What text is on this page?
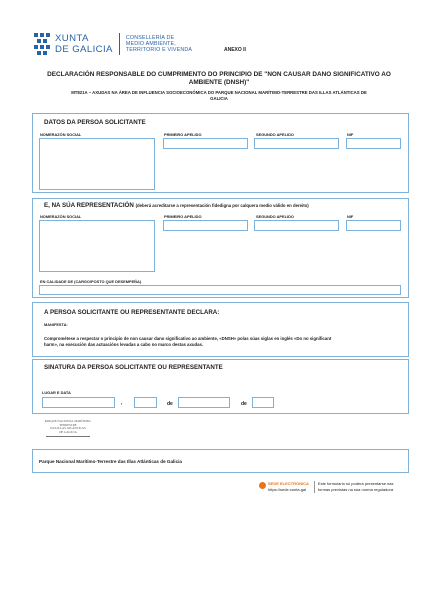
XUNTA
DE GALICIA
CONSELLERÍA DE
MEDIO AMBIENTE,
TERRITORIO E VIVENDA	ANEXO II
DECLARACIÓN RESPONSABLE DO CUMPRIMENTO DO PRINCIPIO DE "NON CAUSAR DANO SIGNIFICATIVO AO
AMBIENTE (DNSH)"
MT821A – AXUDAS NA ÁREA DE INFLUENCIA SOCIOECONÓMICA DO PARQUE NACIONAL MARÍTIMO-TERRESTRE DAS ILLAS ATLÁNTICAS DE
GALICIA
DATOS DA PERSOA SOLICITANTE
NOMERAZÓN SOCIAL	PRIMEIRO APELIDO	SEGUNDO APELIDO	NIF
E, NA SÚA REPRESENTACIÓN (deberá acreditarse a representación fidedigna por calquera medio válido en dereito)
NOMERAZÓN SOCIAL	PRIMEIRO APELIDO	SEGUNDO APELIDO	NIF
EN CALIDADE DE (CARGO/POSTO QUE DESEMPEÑA)
A PERSOA SOLICITANTE OU REPRESENTANTE DECLARA:
MANIFESTA:
Comprométese a respectar o principio de non causar dano significativo ao ambiente, «DNSH» polas súas siglas en inglés «Do no significant
harm», na execución das actuacións levadas a cabo no marco destas axudas.
SINATURA DA PERSOA SOLICITANTE OU REPRESENTANTE
LUGAR E DATA
,	de	de
PARQUE NACIONAL MARÍTIMO-TERRESTRE
DAS ILLAS ATLÁNTICAS
DE GALICIA
Parque Nacional Marítimo-Terrestre das Illas Atlánticas de Galicia
SEDE ELECTRÓNICA
https://sede.xunta.gal
Este formulario só poderá presentarse nas
formas previstas na súa norma reguladora
